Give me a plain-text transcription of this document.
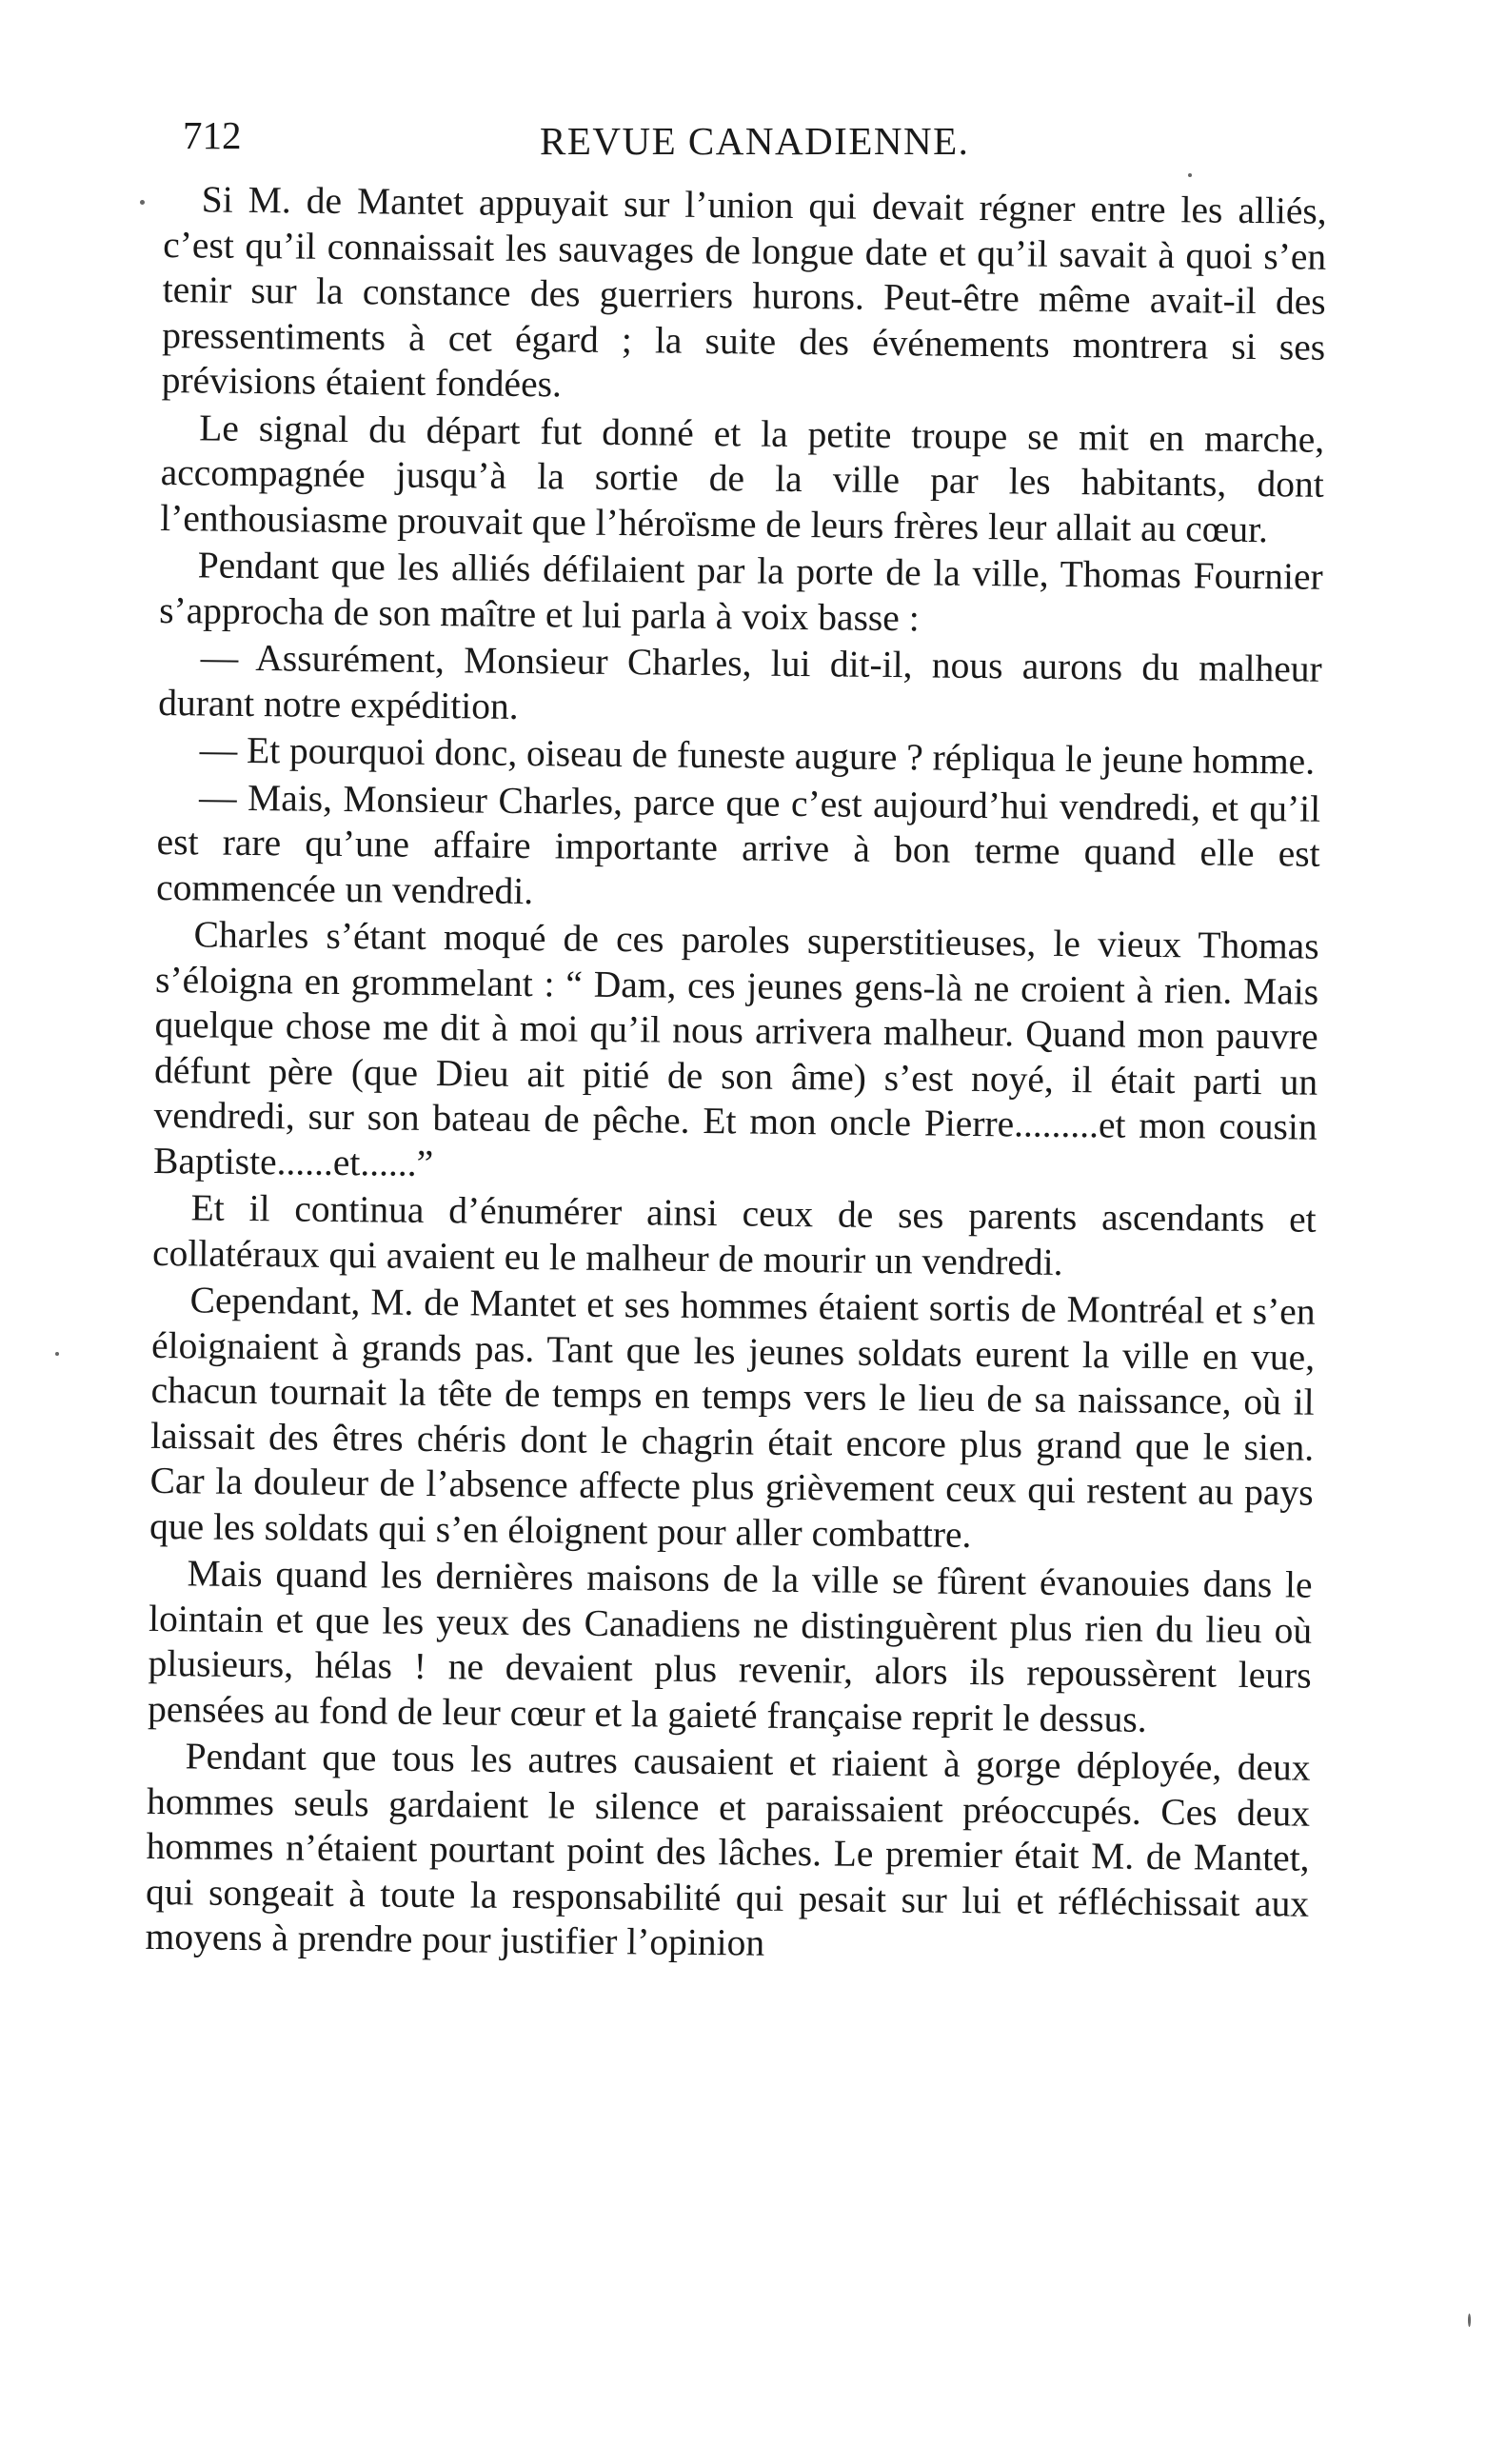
712	REVUE CANADIENNE.

Si M. de Mantet appuyait sur l’union qui devait régner entre les alliés, c’est qu’il connaissait les sauvages de longue date et qu’il savait à quoi s’en tenir sur la constance des guerriers hurons. Peut-être même avait-il des pressentiments à cet égard ; la suite des événements montrera si ses prévisions étaient fondées.

Le signal du départ fut donné et la petite troupe se mit en marche, accompagnée jusqu’à la sortie de la ville par les habitants, dont l’enthousiasme prouvait que l’héroïsme de leurs frères leur allait au cœur.

Pendant que les alliés défilaient par la porte de la ville, Thomas Fournier s’approcha de son maître et lui parla à voix basse :

— Assurément, Monsieur Charles, lui dit-il, nous aurons du malheur durant notre expédition.

— Et pourquoi donc, oiseau de funeste augure ? répliqua le jeune homme.

— Mais, Monsieur Charles, parce que c’est aujourd’hui vendredi, et qu’il est rare qu’une affaire importante arrive à bon terme quand elle est commencée un vendredi.

Charles s’étant moqué de ces paroles superstitieuses, le vieux Thomas s’éloigna en grommelant : “ Dam, ces jeunes gens-là ne croient à rien. Mais quelque chose me dit à moi qu’il nous arrivera malheur. Quand mon pauvre défunt père (que Dieu ait pitié de son âme) s’est noyé, il était parti un vendredi, sur son bateau de pêche. Et mon oncle Pierre.........et mon cousin Baptiste......et......”

Et il continua d’énumérer ainsi ceux de ses parents ascendants et collatéraux qui avaient eu le malheur de mourir un vendredi.

Cependant, M. de Mantet et ses hommes étaient sortis de Montréal et s’en éloignaient à grands pas. Tant que les jeunes soldats eurent la ville en vue, chacun tournait la tête de temps en temps vers le lieu de sa naissance, où il laissait des êtres chéris dont le chagrin était encore plus grand que le sien. Car la douleur de l’absence affecte plus grièvement ceux qui restent au pays que les soldats qui s’en éloignent pour aller combattre.

Mais quand les dernières maisons de la ville se fûrent évanouies dans le lointain et que les yeux des Canadiens ne distinguèrent plus rien du lieu où plusieurs, hélas ! ne devaient plus revenir, alors ils repoussèrent leurs pensées au fond de leur cœur et la gaieté française reprit le dessus.

Pendant que tous les autres causaient et riaient à gorge déployée, deux hommes seuls gardaient le silence et paraissaient préoccupés. Ces deux hommes n’étaient pourtant point des lâches. Le premier était M. de Mantet, qui songeait à toute la responsabilité qui pesait sur lui et réfléchissait aux moyens à prendre pour justifier l’opinion
